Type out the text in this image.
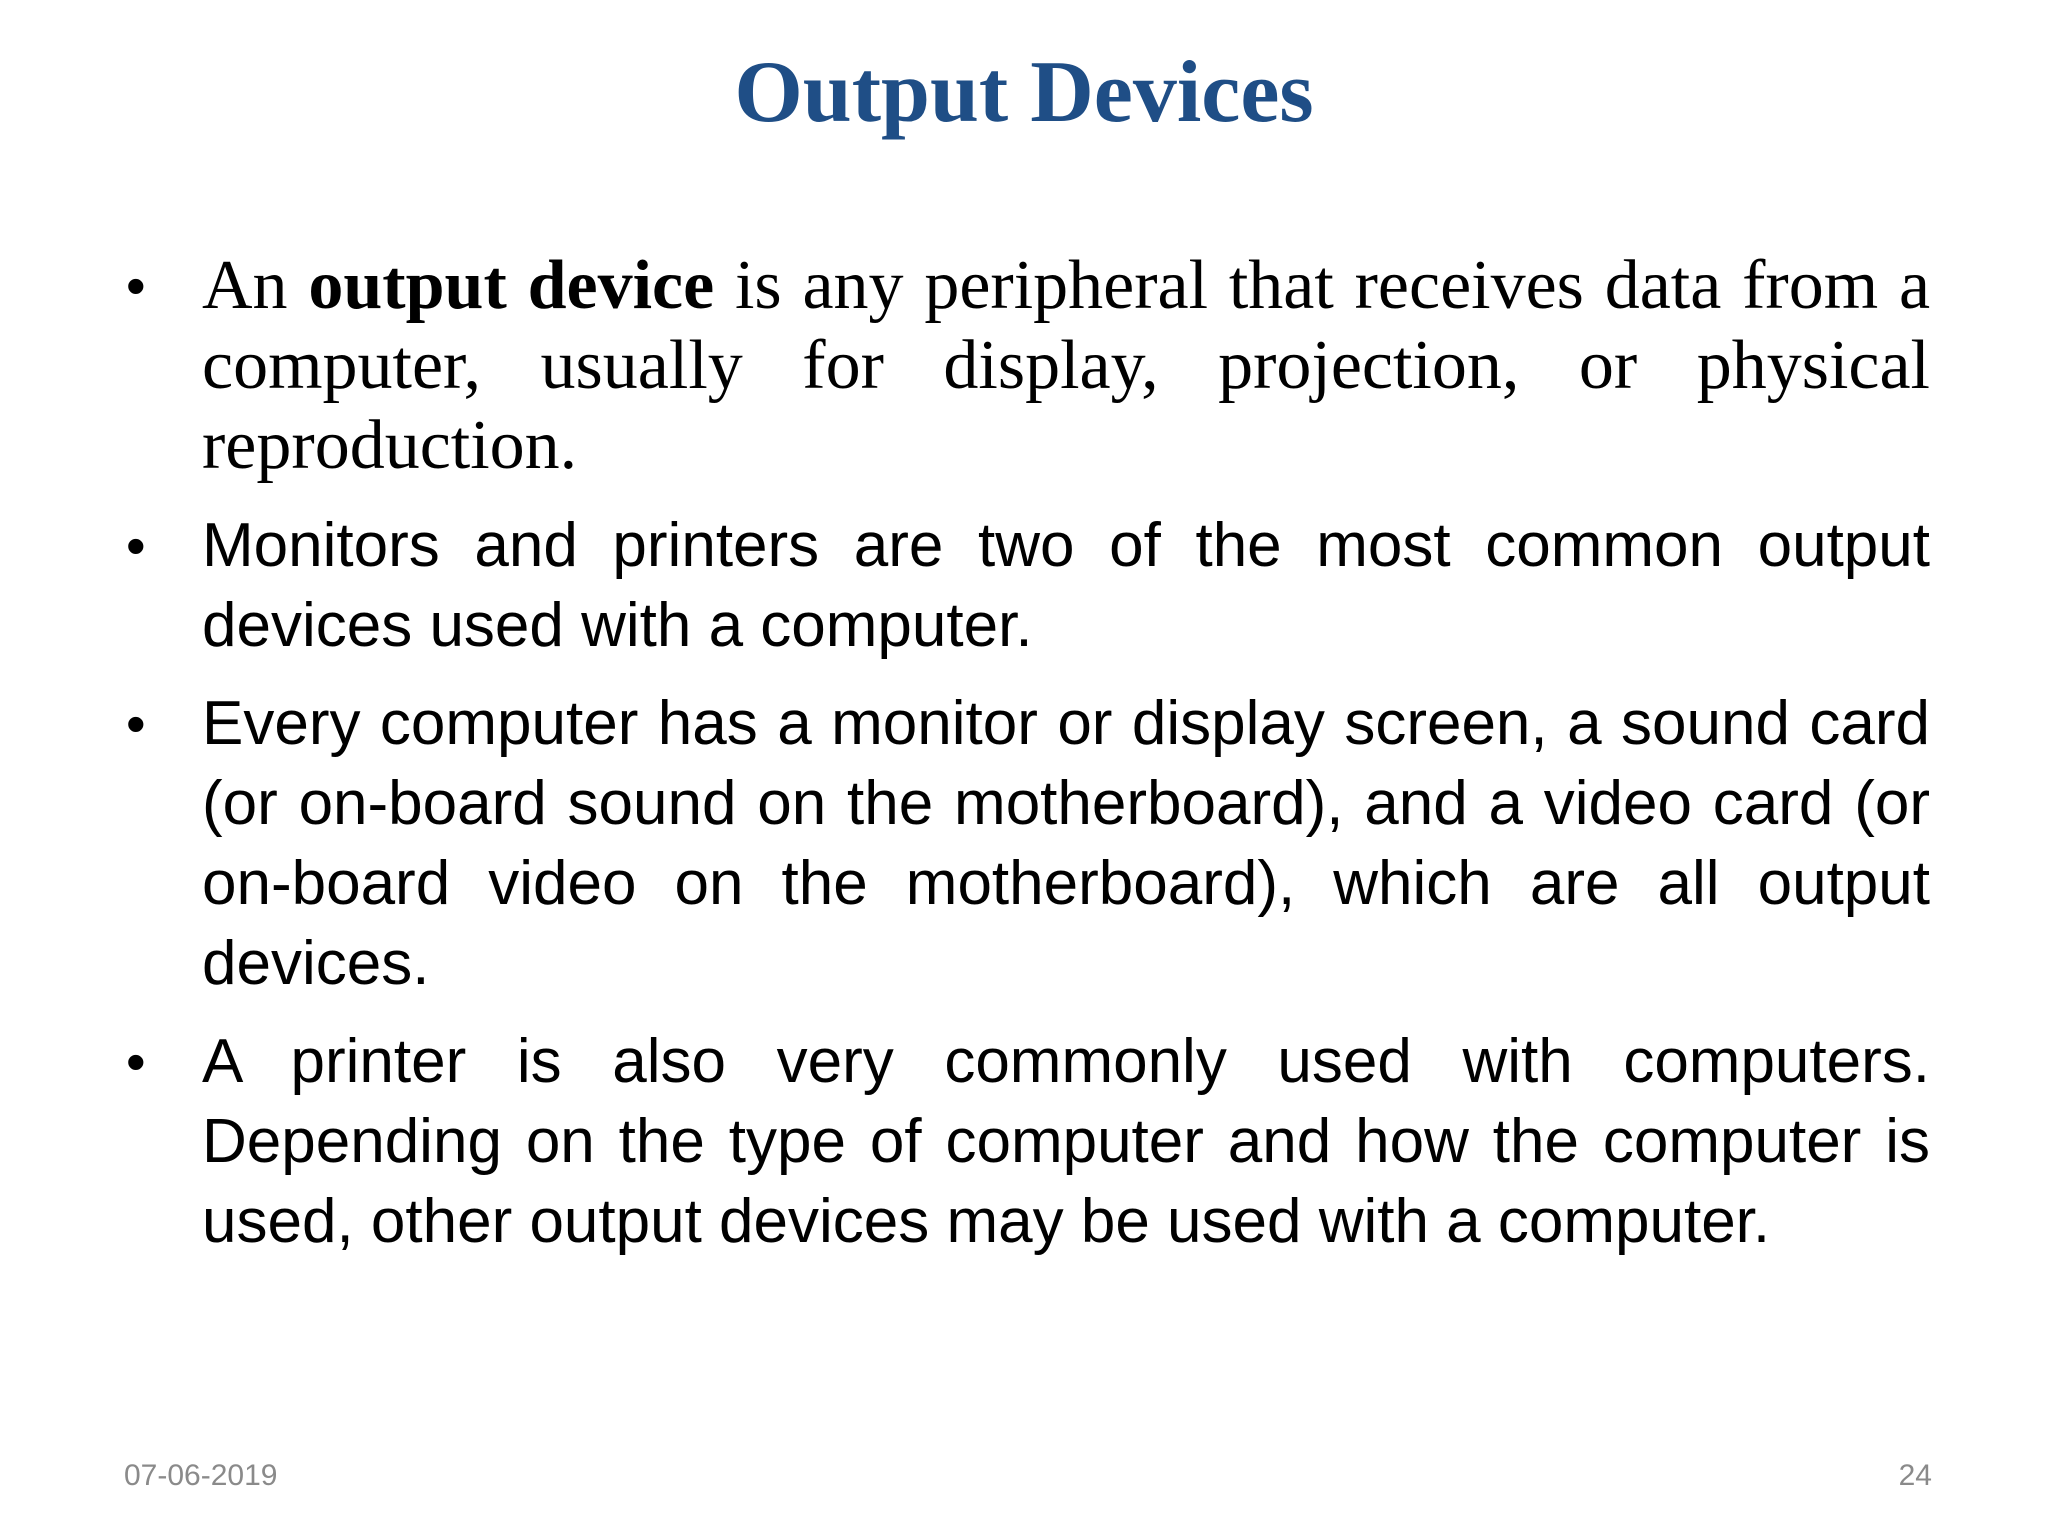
Output Devices
• An output device is any peripheral that receives data from a computer, usually for display, projection, or physical reproduction.
• Monitors and printers are two of the most common output devices used with a computer.
• Every computer has a monitor or display screen, a sound card (or on-board sound on the motherboard), and a video card (or on-board video on the motherboard), which are all output devices.
• A printer is also very commonly used with computers. Depending on the type of computer and how the computer is used, other output devices may be used with a computer.
07-06-2019	24
